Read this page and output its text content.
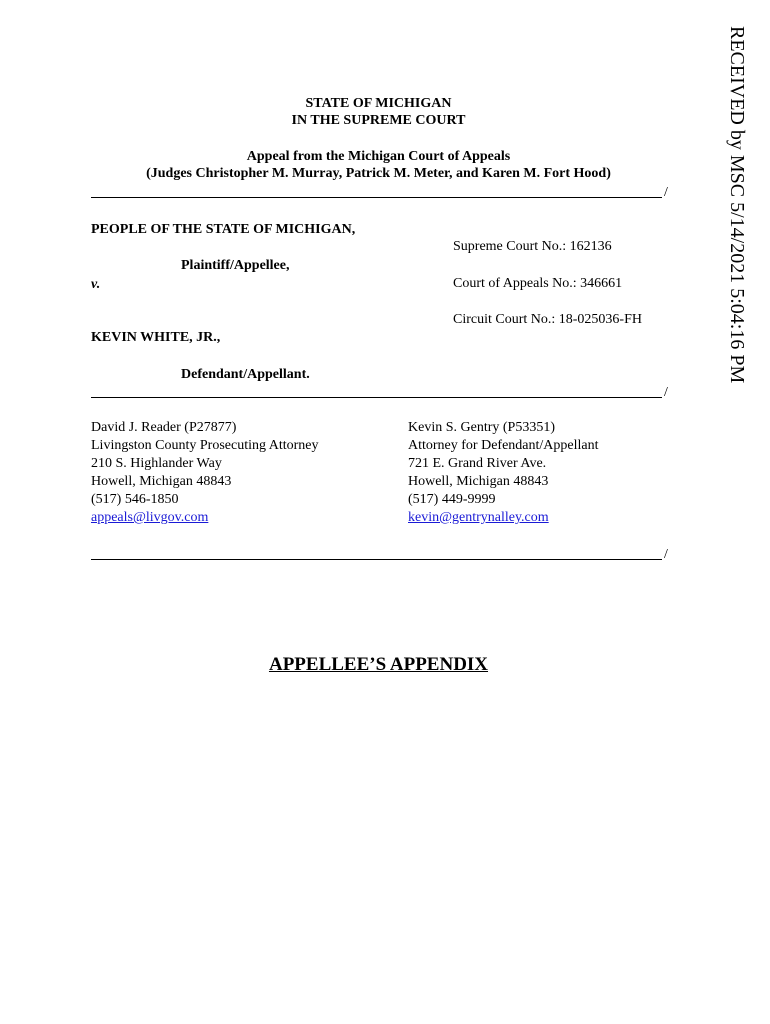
STATE OF MICHIGAN
IN THE SUPREME COURT
Appeal from the Michigan Court of Appeals
(Judges Christopher M. Murray, Patrick M. Meter, and Karen M. Fort Hood)
/
PEOPLE OF THE STATE OF MICHIGAN,
Plaintiff/Appellee,
v.
KEVIN WHITE, JR.,
Defendant/Appellant.
Supreme Court No.: 162136
Court of Appeals No.: 346661
Circuit Court No.: 18-025036-FH
/
David J. Reader (P27877)
Livingston County Prosecuting Attorney
210 S. Highlander Way
Howell, Michigan 48843
(517) 546-1850
appeals@livgov.com
Kevin S. Gentry (P53351)
Attorney for Defendant/Appellant
721 E. Grand River Ave.
Howell, Michigan 48843
(517) 449-9999
kevin@gentrynalley.com
/
APPELLEE’S APPENDIX
RECEIVED by MSC 5/14/2021 5:04:16 PM
